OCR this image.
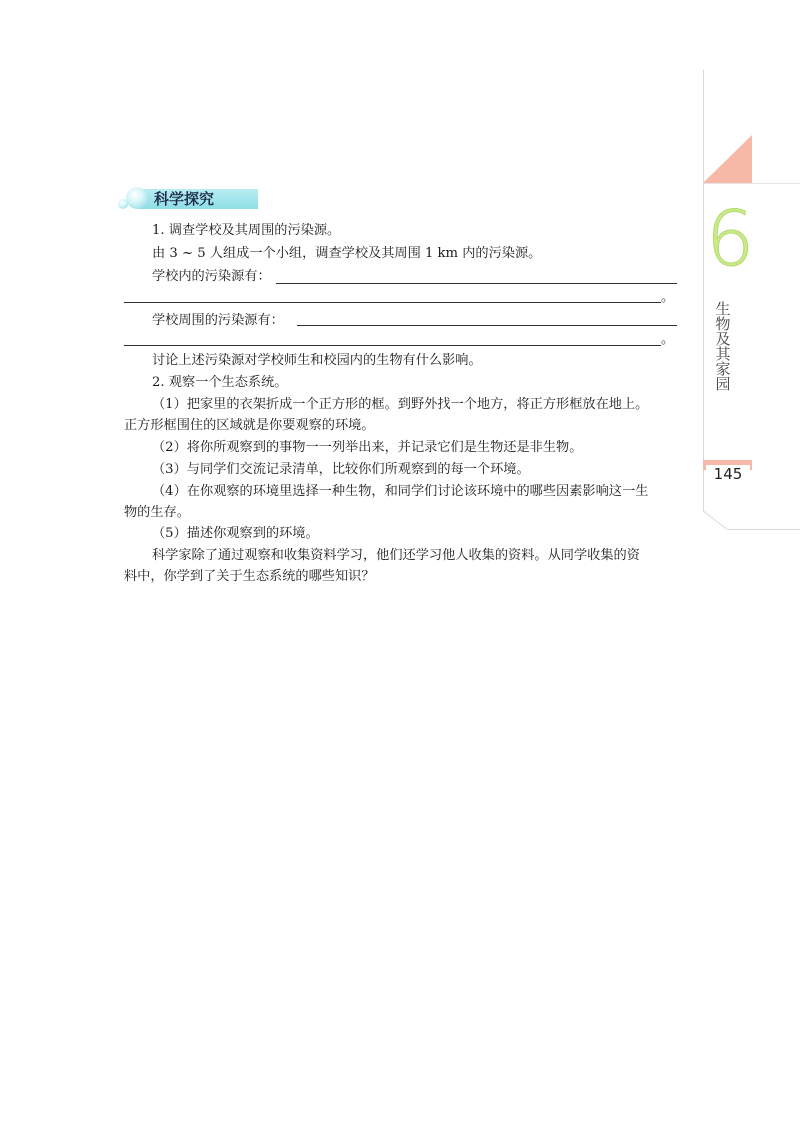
6
生
物
及
其
家
园
145
科学探究
1. 调查学校及其周围的污染源。
由 3 ~ 5 人组成一个小组，调查学校及其周围 1 km 内的污染源。
学校内的污染源有：
。
学校周围的污染源有：
。
讨论上述污染源对学校师生和校园内的生物有什么影响。
2. 观察一个生态系统。
（1）把家里的衣架折成一个正方形的框。到野外找一个地方，将正方形框放在地上。
正方形框围住的区域就是你要观察的环境。
（2）将你所观察到的事物一一列举出来，并记录它们是生物还是非生物。
（3）与同学们交流记录清单，比较你们所观察到的每一个环境。
（4）在你观察的环境里选择一种生物，和同学们讨论该环境中的哪些因素影响这一生
物的生存。
（5）描述你观察到的环境。
科学家除了通过观察和收集资料学习，他们还学习他人收集的资料。从同学收集的资
料中，你学到了关于生态系统的哪些知识？
